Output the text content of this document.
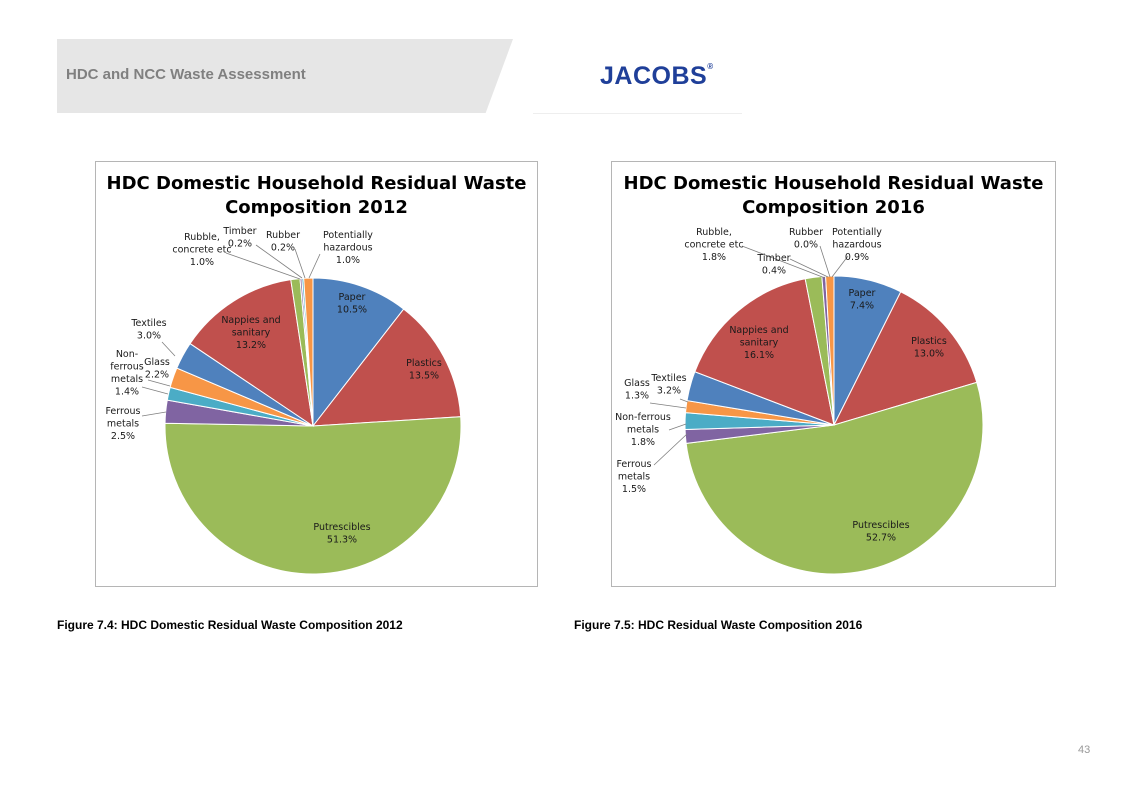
HDC and NCC Waste Assessment	JACOBS®
HDC Domestic Household Residual Waste
Composition 2012
Paper 10.5%
Plastics 13.5%
Putrescibles 51.3%
Ferrous metals 2.5%
Non-ferrous metals 1.4%
Glass 2.2%
Textiles 3.0%
Nappies and sanitary 13.2%
Rubble, concrete etc 1.0%
Timber 0.2%
Rubber 0.2%
Potentially hazardous 1.0%
HDC Domestic Household Residual Waste
Composition 2016
Paper 7.4%
Plastics 13.0%
Putrescibles 52.7%
Ferrous metals 1.5%
Non-ferrous metals 1.8%
Glass 1.3%
Textiles 3.2%
Nappies and sanitary 16.1%
Rubble, concrete etc 1.8%	Timber 0.4%
Rubber 0.0%
Potentially hazardous 0.9%
Figure 7.4: HDC Domestic Residual Waste Composition 2012	Figure 7.5: HDC Residual Waste Composition 2016
43
